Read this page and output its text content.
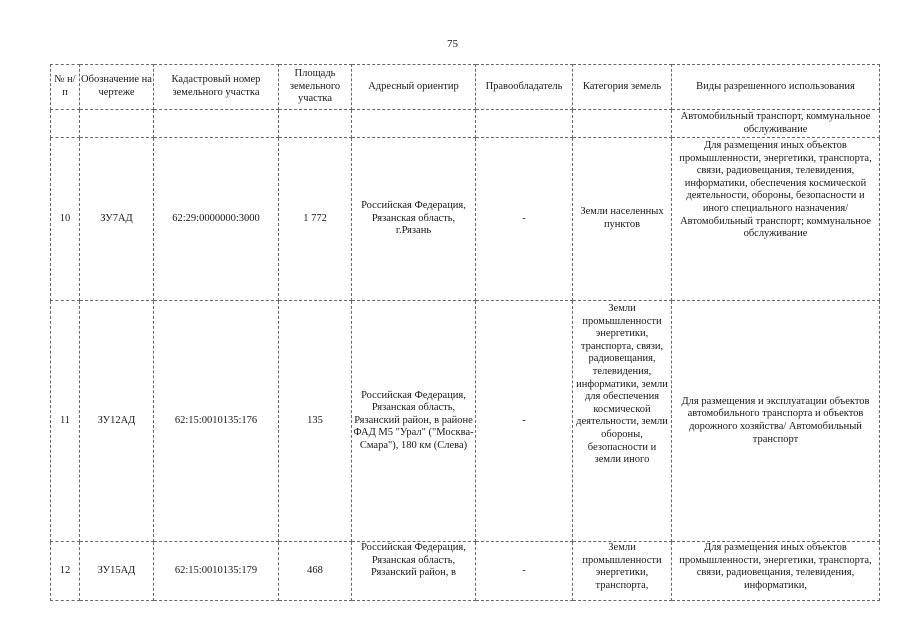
75
№ н/п	Обозначение на чертеже	Кадастровый номер земельного участка	Площадь земельного участка	Адресный ориентир	Правообладатель	Категория земель	Виды разрешенного использования
							Автомобильный транспорт, коммунальное обслуживание
10	ЗУ7АД	62:29:0000000:3000	1 772	Российская Федерация, Рязанская область, г.Рязань	-	Земли населенных пунктов	Для размещения иных объектов промышленности, энергетики, транспорта, связи, радиовещания, телевидения, информатики, обеспечения космической деятельности, обороны, безопасности и иного специального назначения/ Автомобильный транспорт; коммунальное обслуживание

11	ЗУ12АД	62:15:0010135:176	135	Российская Федерация, Рязанская область, Рязанский район, в районе ФАД М5 "Урал" ("Москва-Смара"), 180 км (Слева)	-	Земли промышленности энергетики, транспорта, связи, радиовещания, телевидения, информатики, земли для обеспечения космической деятельности, земли обороны, безопасности и земли иного	Для размещения и эксплуатации объектов автомобильного транспорта и объектов дорожного хозяйства/ Автомобильный транспорт
12	ЗУ15АД	62:15:0010135:179	468	Российская Федерация, Рязанская область, Рязанский район, в	-	Земли промышленности энергетики, транспорта,	Для размещения иных объектов промышленности, энергетики, транспорта, связи, радиовещания, телевидения, информатики,
